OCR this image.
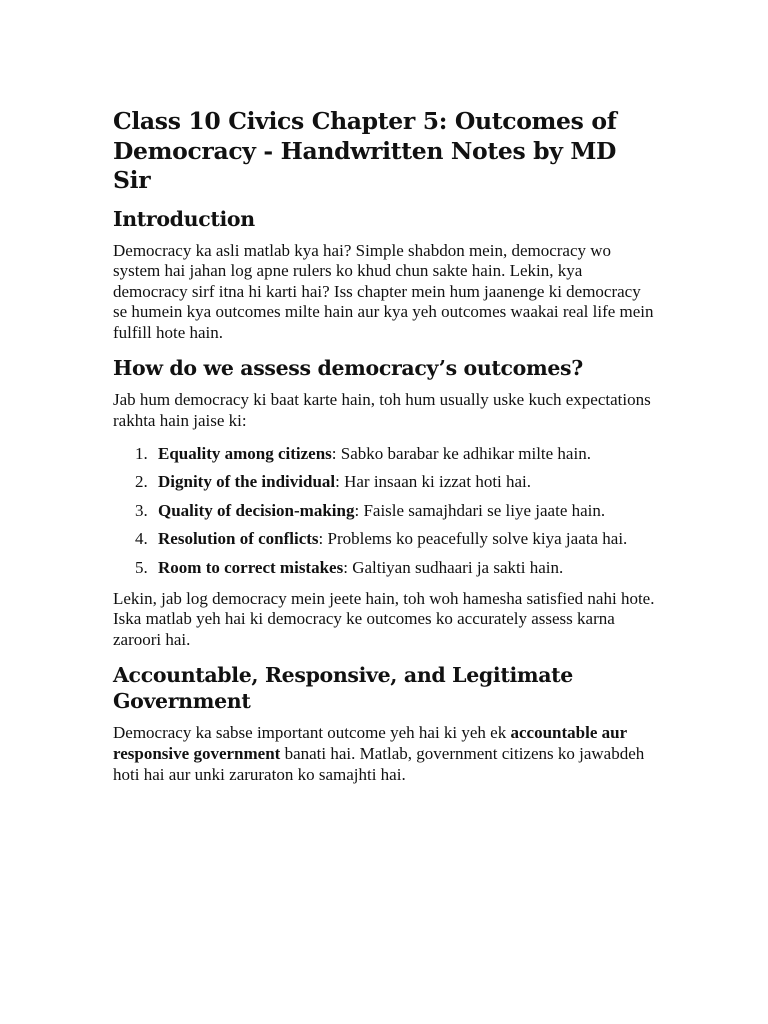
Class 10 Civics Chapter 5: Outcomes of Democracy - Handwritten Notes by MD Sir
Introduction

Democracy ka asli matlab kya hai? Simple shabdon mein, democracy wo system hai jahan log apne rulers ko khud chun sakte hain. Lekin, kya democracy sirf itna hi karti hai? Iss chapter mein hum jaanenge ki democracy se humein kya outcomes milte hain aur kya yeh outcomes waakai real life mein fulfill hote hain.

How do we assess democracy’s outcomes?

Jab hum democracy ki baat karte hain, toh hum usually uske kuch expectations rakhta hain jaise ki:

1. Equality among citizens: Sabko barabar ke adhikar milte hain.
2. Dignity of the individual: Har insaan ki izzat hoti hai.
3. Quality of decision-making: Faisle samajhdari se liye jaate hain.
4. Resolution of conflicts: Problems ko peacefully solve kiya jaata hai.
5. Room to correct mistakes: Galtiyan sudhaari ja sakti hain.

Lekin, jab log democracy mein jeete hain, toh woh hamesha satisfied nahi hote. Iska matlab yeh hai ki democracy ke outcomes ko accurately assess karna zaroori hai.

Accountable, Responsive, and Legitimate Government

Democracy ka sabse important outcome yeh hai ki yeh ek accountable aur responsive government banati hai. Matlab, government citizens ko jawabdeh hoti hai aur unki zaruraton ko samajhti hai.
